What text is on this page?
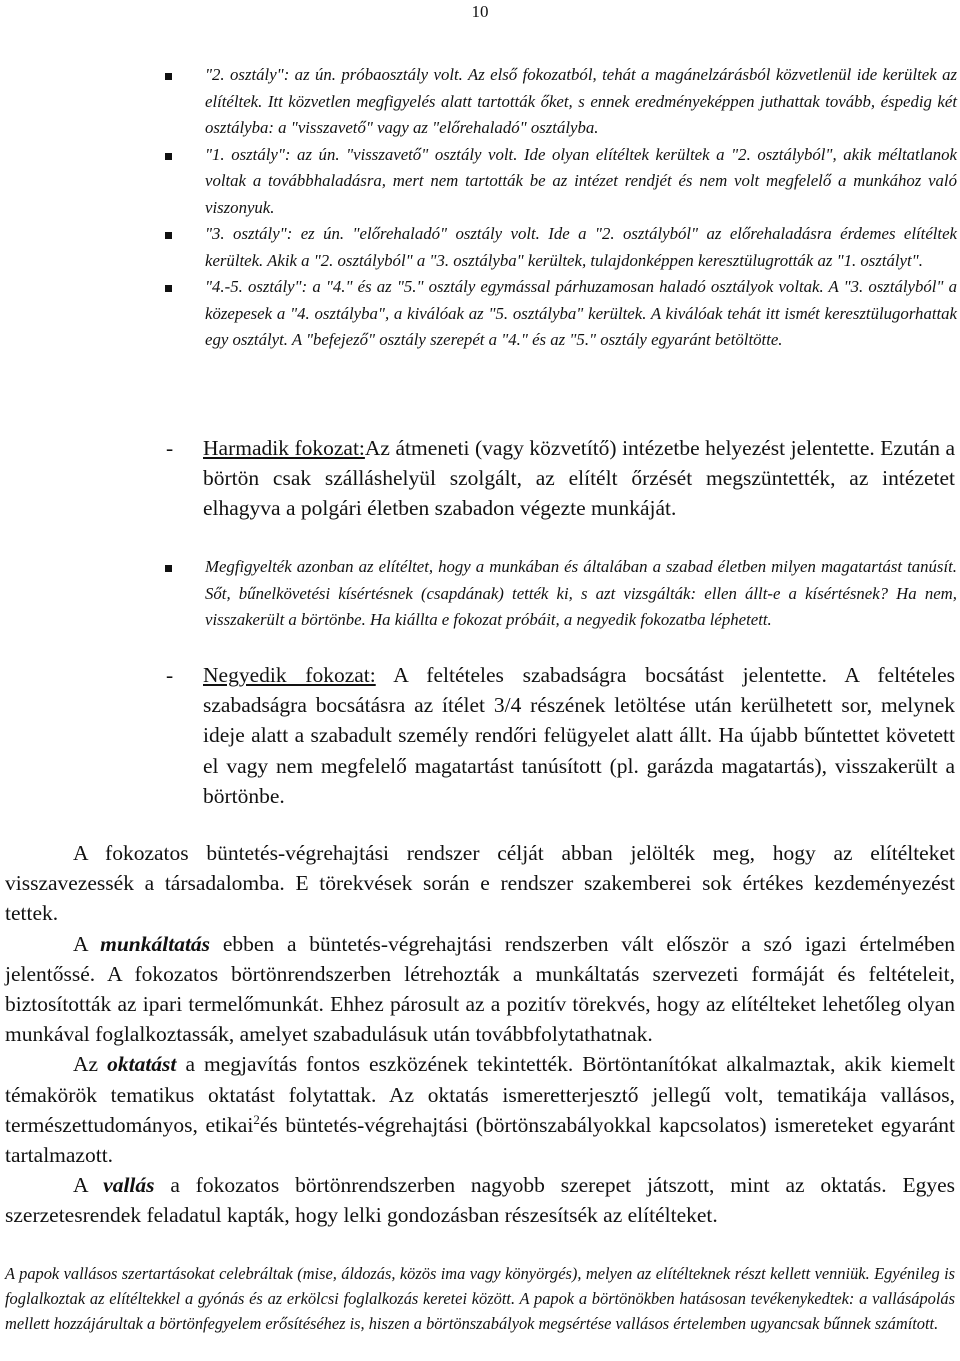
10
"2. osztály": az ún. próbaosztály volt. Az első fokozatból, tehát a magánelzárásból közvetlenül ide kerültek az elítéltek. Itt közvetlen megfigyelés alatt tartották őket, s ennek eredményeképpen juthattak tovább, éspedig két osztályba: a "visszavető" vagy az "előrehaladó" osztályba.
"1. osztály": az ún. "visszavető" osztály volt. Ide olyan elítéltek kerültek a "2. osztályból", akik méltatlanok voltak a továbbhaladásra, mert nem tartották be az intézet rendjét és nem volt megfelelő a munkához való viszonyuk.
"3. osztály": ez ún. "előrehaladó" osztály volt. Ide a "2. osztályból" az előrehaladásra érdemes elítéltek kerültek. Akik a "2. osztályból" a "3. osztályba" kerültek, tulajdonképpen keresztülugrották az "1. osztályt".
"4.-5. osztály": a "4." és az "5." osztály egymással párhuzamosan haladó osztályok voltak. A "3. osztályból" a közepesek a "4. osztályba", a kiválóak az "5. osztályba" kerültek. A kiválóak tehát itt ismét keresztülugorhattak egy osztályt. A "befejező" osztály szerepét a "4." és az "5." osztály egyaránt betöltötte.
- Harmadik fokozat:Az átmeneti (vagy közvetítő) intézetbe helyezést jelentette. Ezután a börtön csak szálláshelyül szolgált, az elítélt őrzését megszüntették, az intézetet elhagyva a polgári életben szabadon végezte munkáját.
Megfigyelték azonban az elítéltet, hogy a munkában és általában a szabad életben milyen magatartást tanúsít. Sőt, bűnelkövetési kísértésnek (csapdának) tették ki, s azt vizsgálták: ellen állt-e a kísértésnek? Ha nem, visszakerült a börtönbe. Ha kiállta e fokozat próbáit, a negyedik fokozatba léphetett.
- Negyedik fokozat: A feltételes szabadságra bocsátást jelentette. A feltételes szabadságra bocsátásra az ítélet 3/4 részének letöltése után kerülhetett sor, melynek ideje alatt a szabadult személy rendőri felügyelet alatt állt. Ha újabb bűntettet követett el vagy nem megfelelő magatartást tanúsított (pl. garázda magatartás), visszakerült a börtönbe.

A fokozatos büntetés-végrehajtási rendszer célját abban jelölték meg, hogy az elítélteket visszavezessék a társadalomba. E törekvések során e rendszer szakemberei sok értékes kezdeményezést tettek.

A munkáltatás ebben a büntetés-végrehajtási rendszerben vált először a szó igazi értelmében jelentőssé. A fokozatos börtönrendszerben létrehozták a munkáltatás szervezeti formáját és feltételeit, biztosították az ipari termelőmunkát. Ehhez párosult az a pozitív törekvés, hogy az elítélteket lehetőleg olyan munkával foglalkoztassák, amelyet szabadulásuk után továbbfolytathatnak.

Az oktatást a megjavítás fontos eszközének tekintették. Börtöntanítókat alkalmaztak, akik kiemelt témakörök tematikus oktatást folytattak. Az oktatás ismeretterjesztő jellegű volt, tematikája vallásos, természettudományos, etikai$^2$és büntetés-végrehajtási (börtönszabályokkal kapcsolatos) ismereteket egyaránt tartalmazott.

A vallás a fokozatos börtönrendszerben nagyobb szerepet játszott, mint az oktatás. Egyes szerzetesrendek feladatul kapták, hogy lelki gondozásban részesítsék az elítélteket.

A papok vallásos szertartásokat celebráltak (mise, áldozás, közös ima vagy könyörgés), melyen az elítélteknek részt kellett venniük. Egyénileg is foglalkoztak az elítéltekkel a gyónás és az erkölcsi foglalkozás keretei között. A papok a börtönökben hatásosan tevékenykedtek: a vallásápolás mellett hozzájárultak a börtönfegyelem erősítéséhez is, hiszen a börtönszabályok megsértése vallásos értelemben ugyancsak bűnnek számított.
